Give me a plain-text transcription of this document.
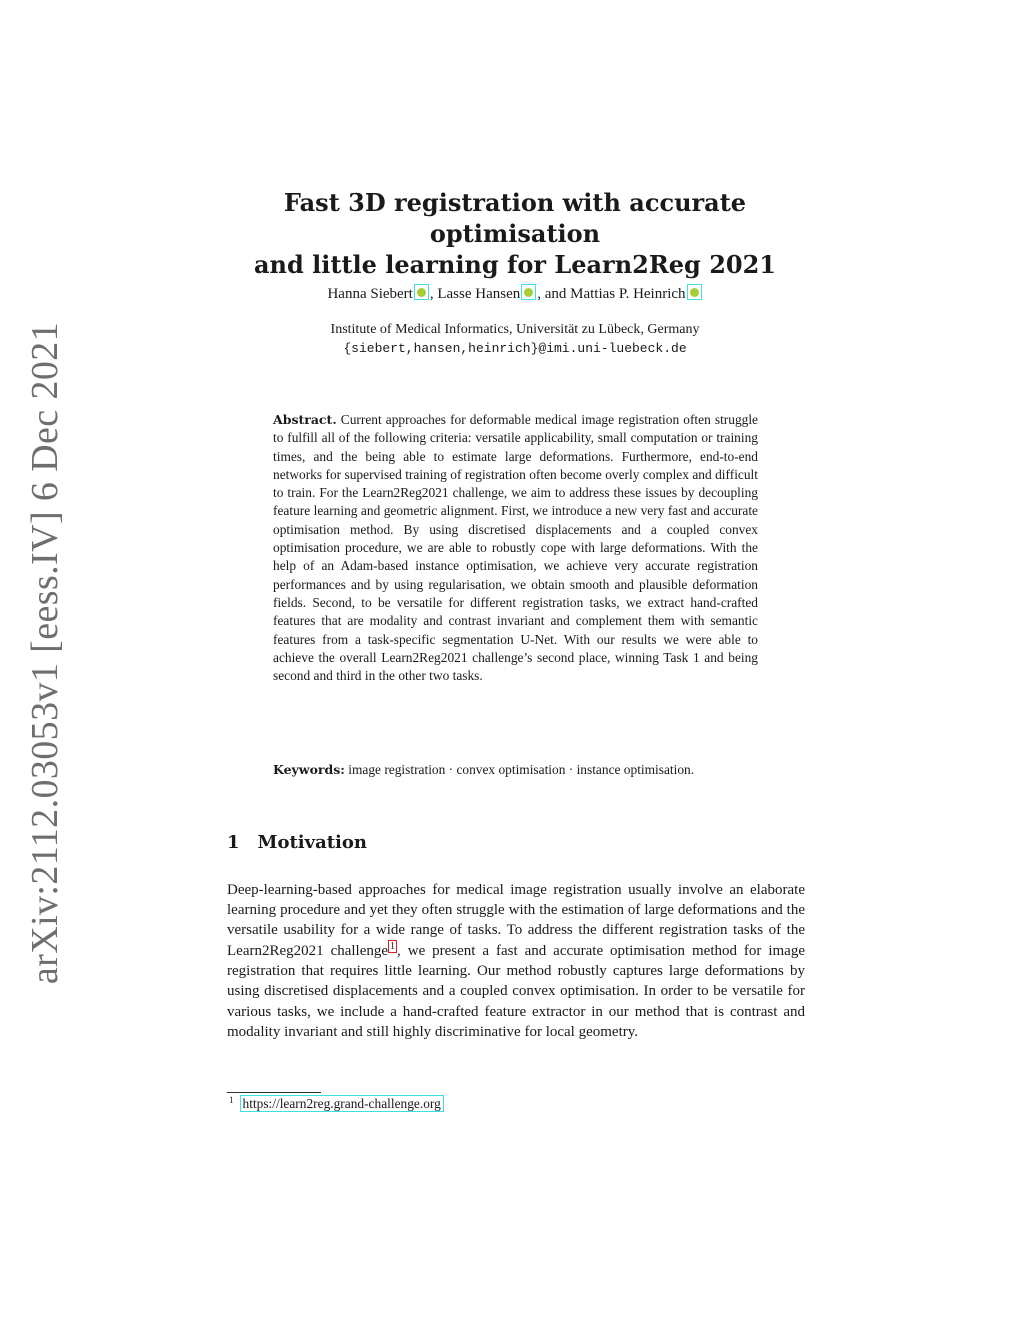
arXiv:2112.03053v1 [eess.IV] 6 Dec 2021
Fast 3D registration with accurate optimisation
and little learning for Learn2Reg 2021
Hanna Siebert , Lasse Hansen , and Mattias P. Heinrich
Institute of Medical Informatics, Universität zu Lübeck, Germany
{siebert,hansen,heinrich}@imi.uni-luebeck.de
Abstract. Current approaches for deformable medical image registration often struggle to fulfill all of the following criteria: versatile applicability, small computation or training times, and the being able to estimate large deformations. Furthermore, end-to-end networks for supervised training of registration often become overly complex and difficult to train. For the Learn2Reg2021 challenge, we aim to address these issues by decoupling feature learning and geometric alignment. First, we introduce a new very fast and accurate optimisation method. By using discretised displacements and a coupled convex optimisation procedure, we are able to robustly cope with large deformations. With the help of an Adam-based instance optimisation, we achieve very accurate registration performances and by using regularisation, we obtain smooth and plausible deformation fields. Second, to be versatile for different registration tasks, we extract hand-crafted features that are modality and contrast invariant and complement them with semantic features from a task-specific segmentation U-Net. With our results we were able to achieve the overall Learn2Reg2021 challenge’s second place, winning Task 1 and being second and third in the other two tasks.
Keywords: image registration · convex optimisation · instance optimisation.
1 Motivation
Deep-learning-based approaches for medical image registration usually involve an elaborate learning procedure and yet they often struggle with the estimation of large deformations and the versatile usability for a wide range of tasks. To address the different registration tasks of the Learn2Reg2021 challenge 1 , we present a fast and accurate optimisation method for image registration that requires little learning. Our method robustly captures large deformations by using discretised displacements and a coupled convex optimisation. In order to be versatile for various tasks, we include a hand-crafted feature extractor in our method that is contrast and modality invariant and still highly discriminative for local geometry.
$^1$ https://learn2reg.grand-challenge.org
